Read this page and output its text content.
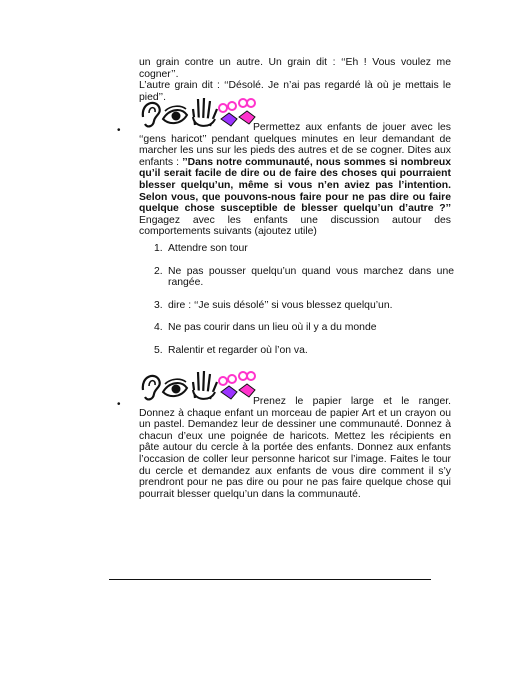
un grain contre un autre. Un grain dit : ‘‘Eh ! Vous voulez me cogner’’.
L’autre grain dit : ‘‘Désolé. Je n’ai pas regardé là où je mettais le pied’’.

•	Permettez aux enfants de jouer avec les ‘‘gens haricot’’ pendant quelques minutes en leur demandant de marcher les uns sur les pieds des autres et de se cogner. Dites aux enfants : ’’Dans notre communauté, nous sommes si nombreux qu’il serait facile de dire ou de faire des choses qui pourraient blesser quelqu’un, même si vous n’en aviez pas l’intention. Selon vous, que pouvons-nous faire pour ne pas dire ou faire quelque chose susceptible de blesser quelqu’un d’autre ?’’ Engagez avec les enfants une discussion autour des comportements suivants (ajoutez utile)

1. Attendre son tour
2. Ne pas pousser quelqu’un quand vous marchez dans une rangée.
3. dire : ‘‘Je suis désolé’’ si vous blessez quelqu’un.
4. Ne pas courir dans un lieu où il y a du monde
5. Ralentir et regarder où l’on va.
•	Prenez le papier large et le ranger. Donnez à chaque enfant un morceau de papier Art et un crayon ou un pastel. Demandez leur de dessiner une communauté. Donnez à chacun d’eux une poignée de haricots. Mettez les récipients en pâte autour du cercle à la portée des enfants. Donnez aux enfants l’occasion de coller leur personne haricot sur l’image. Faites le tour du cercle et demandez aux enfants de vous dire comment il s’y prendront pour ne pas dire ou pour ne pas faire quelque chose qui pourrait blesser quelqu’un dans la communauté.
